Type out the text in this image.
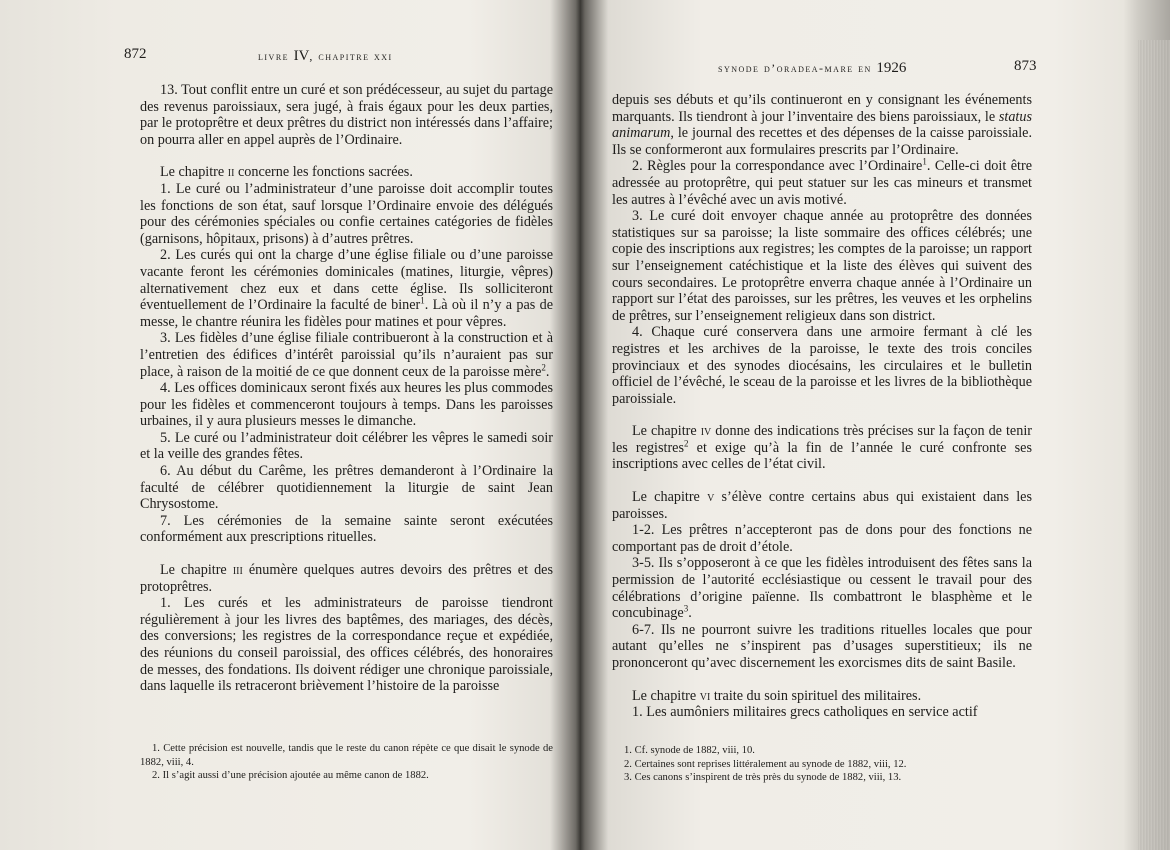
872	livre IV, chapitre xxi

13. Tout conflit entre un curé et son prédécesseur, au sujet du partage des revenus paroissiaux, sera jugé, à frais égaux pour les deux parties, par le protoprêtre et deux prêtres du district non intéressés dans l’affaire; on pourra aller en appel auprès de l’Ordinaire.

Le chapitre ii concerne les fonctions sacrées.

1. Le curé ou l’administrateur d’une paroisse doit accomplir toutes les fonctions de son état, sauf lorsque l’Ordinaire envoie des délégués pour des cérémonies spéciales ou confie certaines catégories de fidèles (garnisons, hôpitaux, prisons) à d’autres prêtres.

2. Les curés qui ont la charge d’une église filiale ou d’une paroisse vacante feront les cérémonies dominicales (matines, liturgie, vêpres) alternativement chez eux et dans cette église. Ils solliciteront éventuellement de l’Ordinaire la faculté de biner$^1$. Là où il n’y a pas de messe, le chantre réunira les fidèles pour matines et pour vêpres.

3. Les fidèles d’une église filiale contribueront à la construction et à l’entretien des édifices d’intérêt paroissial qu’ils n’auraient pas sur place, à raison de la moitié de ce que donnent ceux de la paroisse mère$^2$.

4. Les offices dominicaux seront fixés aux heures les plus commodes pour les fidèles et commenceront toujours à temps. Dans les paroisses urbaines, il y aura plusieurs messes le dimanche.

5. Le curé ou l’administrateur doit célébrer les vêpres le samedi soir et la veille des grandes fêtes.

6. Au début du Carême, les prêtres demanderont à l’Ordinaire la faculté de célébrer quotidiennement la liturgie de saint Jean Chrysostome.

7. Les cérémonies de la semaine sainte seront exécutées conformément aux prescriptions rituelles.

Le chapitre iii énumère quelques autres devoirs des prêtres et des protoprêtres.

1. Les curés et les administrateurs de paroisse tiendront régulièrement à jour les livres des baptêmes, des mariages, des décès, des conversions; les registres de la correspondance reçue et expédiée, des réunions du conseil paroissial, des offices célébrés, des honoraires de messes, des fondations. Ils doivent rédiger une chronique paroissiale, dans laquelle ils retraceront brièvement l’histoire de la paroisse

1. Cette précision est nouvelle, tandis que le reste du canon répète ce que disait le synode de 1882, viii, 4.

2. Il s’agit aussi d’une précision ajoutée au même canon de 1882.

synode d’oradea-mare en 1926	873

depuis ses débuts et qu’ils continueront en y consignant les événements marquants. Ils tiendront à jour l’inventaire des biens paroissiaux, le status animarum, le journal des recettes et des dépenses de la caisse paroissiale. Ils se conformeront aux formulaires prescrits par l’Ordinaire.

2. Règles pour la correspondance avec l’Ordinaire$^1$. Celle-ci doit être adressée au protoprêtre, qui peut statuer sur les cas mineurs et transmet les autres à l’évêché avec un avis motivé.

3. Le curé doit envoyer chaque année au protoprêtre des données statistiques sur sa paroisse; la liste sommaire des offices célébrés; une copie des inscriptions aux registres; les comptes de la paroisse; un rapport sur l’enseignement catéchistique et la liste des élèves qui suivent des cours secondaires. Le protoprêtre enverra chaque année à l’Ordinaire un rapport sur l’état des paroisses, sur les prêtres, les veuves et les orphelins de prêtres, sur l’enseignement religieux dans son district.

4. Chaque curé conservera dans une armoire fermant à clé les registres et les archives de la paroisse, le texte des trois conciles provinciaux et des synodes diocésains, les circulaires et le bulletin officiel de l’évêché, le sceau de la paroisse et les livres de la bibliothèque paroissiale.

Le chapitre iv donne des indications très précises sur la façon de tenir les registres$^2$ et exige qu’à la fin de l’année le curé confronte ses inscriptions avec celles de l’état civil.

Le chapitre v s’élève contre certains abus qui existaient dans les paroisses.

1-2. Les prêtres n’accepteront pas de dons pour des fonctions ne comportant pas de droit d’étole.

3-5. Ils s’opposeront à ce que les fidèles introduisent des fêtes sans la permission de l’autorité ecclésiastique ou cessent le travail pour des célébrations d’origine païenne. Ils combattront le blasphème et le concubinage$^3$.

6-7. Ils ne pourront suivre les traditions rituelles locales que pour autant qu’elles ne s’inspirent pas d’usages superstitieux; ils ne prononceront qu’avec discernement les exorcismes dits de saint Basile.

Le chapitre vi traite du soin spirituel des militaires.

1. Les aumôniers militaires grecs catholiques en service actif

1. Cf. synode de 1882, viii, 10.

2. Certaines sont reprises littéralement au synode de 1882, viii, 12.

3. Ces canons s’inspirent de très près du synode de 1882, viii, 13.
